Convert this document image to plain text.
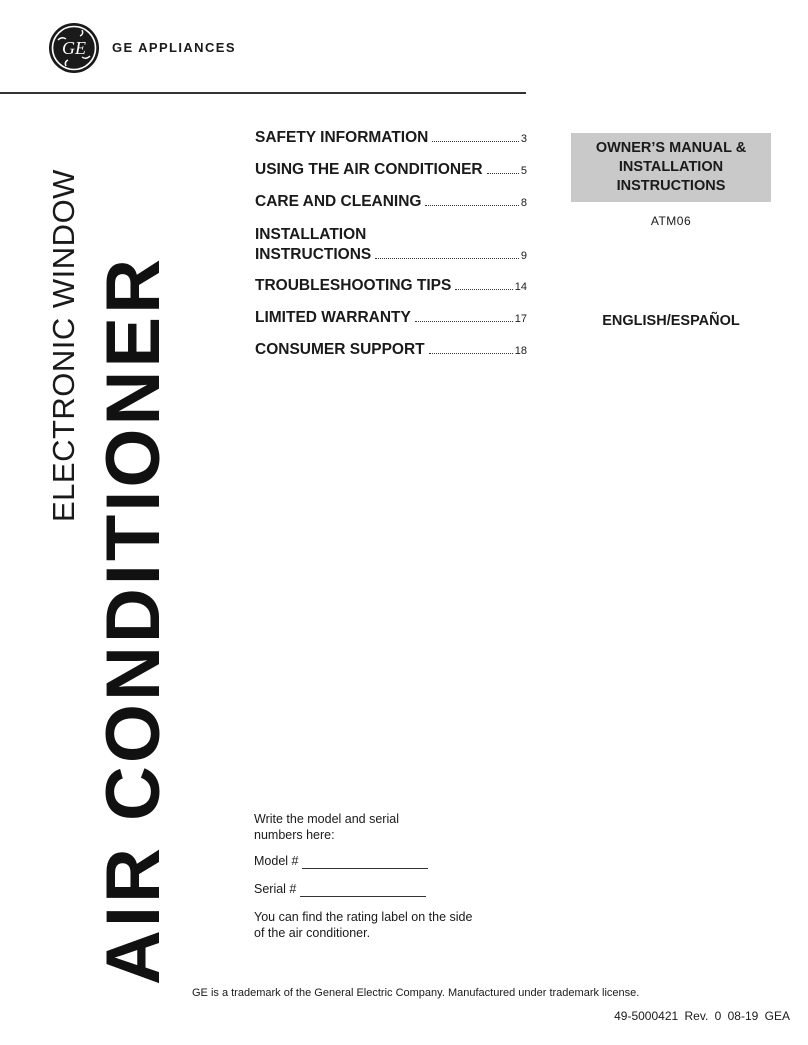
GE GE APPLIANCES
ELECTRONIC WINDOW AIR CONDITIONER
SAFETY INFORMATION	3
USING THE AIR CONDITIONER	5
CARE AND CLEANING	8
INSTALLATION
INSTRUCTIONS	9
TROUBLESHOOTING TIPS	14
LIMITED WARRANTY	17
CONSUMER SUPPORT	18
OWNER’S MANUAL &
INSTALLATION
INSTRUCTIONS
ATM06
ENGLISH/ESPAÑOL

Write the model and serial numbers here:

Model #
Serial #

You can find the rating label on the side of the air conditioner.

GE is a trademark of the General Electric Company. Manufactured under trademark license.
49-5000421 Rev. 0 08-19 GEA
